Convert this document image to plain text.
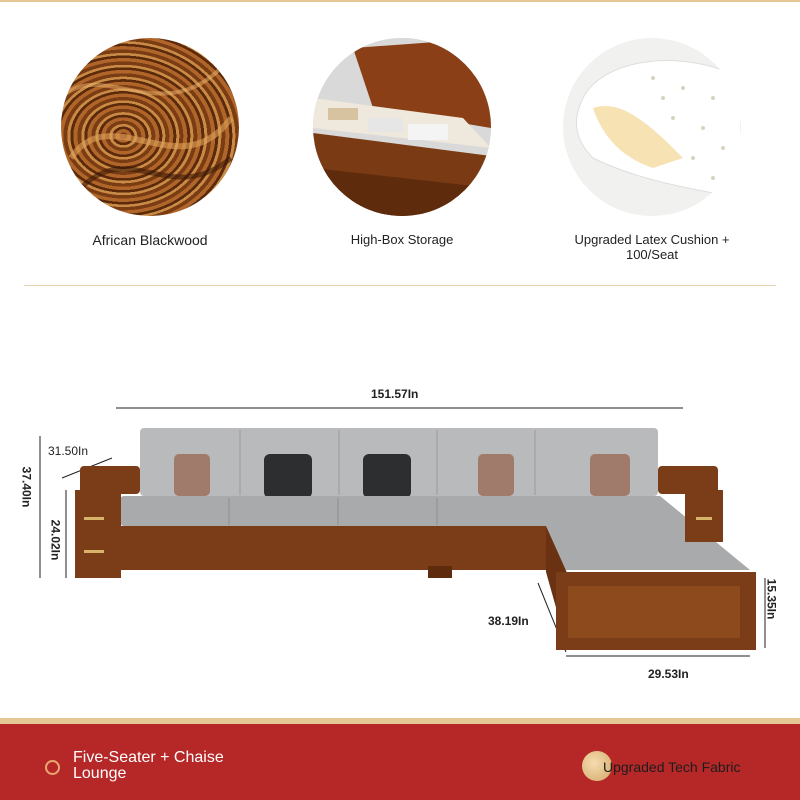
African Blackwood	High-Box Storage	Upgraded Latex Cushion + 100/Seat
151.57In
31.50In
37.40In
24.02In
38.19In
29.53In
15.35In
Five-Seater + Chaise Lounge	Upgraded Tech Fabric
